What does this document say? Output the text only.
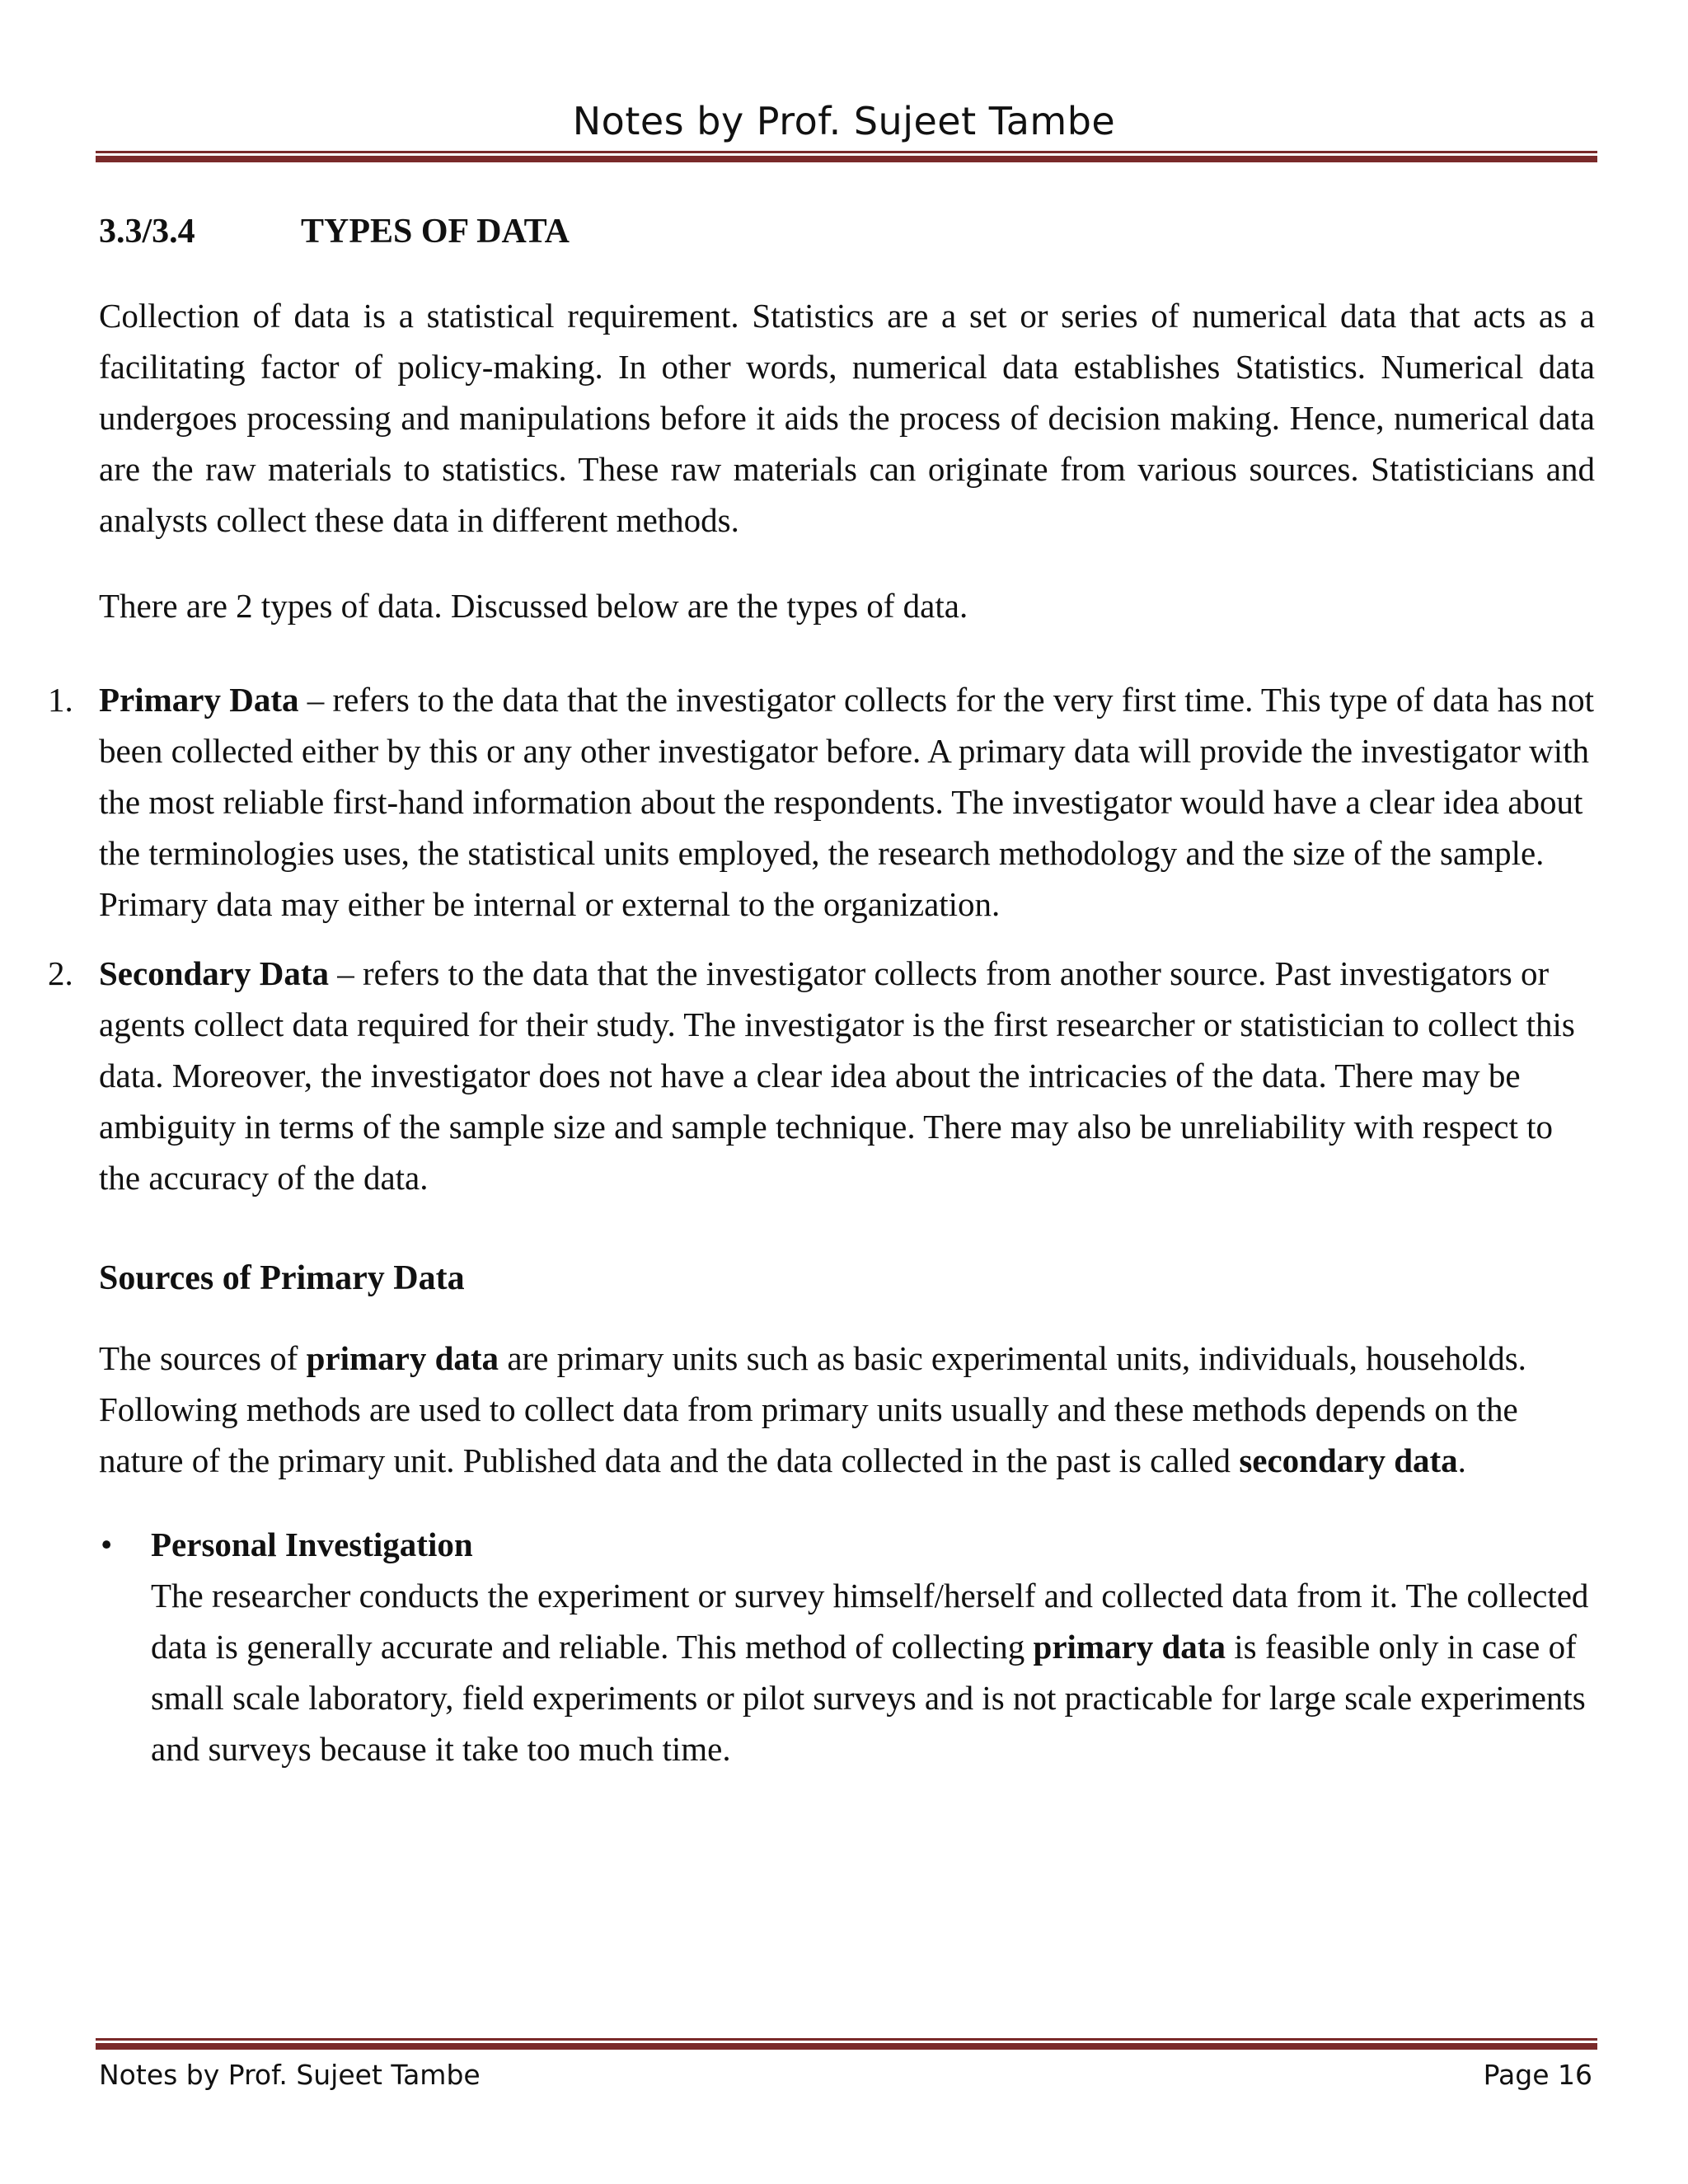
Notes by Prof. Sujeet Tambe
3.3/3.4	TYPES OF DATA

Collection of data is a statistical requirement. Statistics are a set or series of numerical data that acts as a facilitating factor of policy-making. In other words, numerical data establishes Statistics. Numerical data undergoes processing and manipulations before it aids the process of decision making. Hence, numerical data are the raw materials to statistics. These raw materials can originate from various sources. Statisticians and analysts collect these data in different methods.

There are 2 types of data. Discussed below are the types of data.

1. Primary Data – refers to the data that the investigator collects for the very first time. This type of data has not been collected either by this or any other investigator before. A primary data will provide the investigator with the most reliable first-hand information about the respondents. The investigator would have a clear idea about the terminologies uses, the statistical units employed, the research methodology and the size of the sample. Primary data may either be internal or external to the organization.
2. Secondary Data – refers to the data that the investigator collects from another source. Past investigators or agents collect data required for their study. The investigator is the first researcher or statistician to collect this data. Moreover, the investigator does not have a clear idea about the intricacies of the data. There may be ambiguity in terms of the sample size and sample technique. There may also be unreliability with respect to the accuracy of the data.
Sources of Primary Data

The sources of primary data are primary units such as basic experimental units, individuals, households. Following methods are used to collect data from primary units usually and these methods depends on the nature of the primary unit. Published data and the data collected in the past is called secondary data.

• Personal Investigation
The researcher conducts the experiment or survey himself/herself and collected data from it. The collected data is generally accurate and reliable. This method of collecting primary data is feasible only in case of small scale laboratory, field experiments or pilot surveys and is not practicable for large scale experiments and surveys because it take too much time.
Notes by Prof. Sujeet Tambe	Page 16
